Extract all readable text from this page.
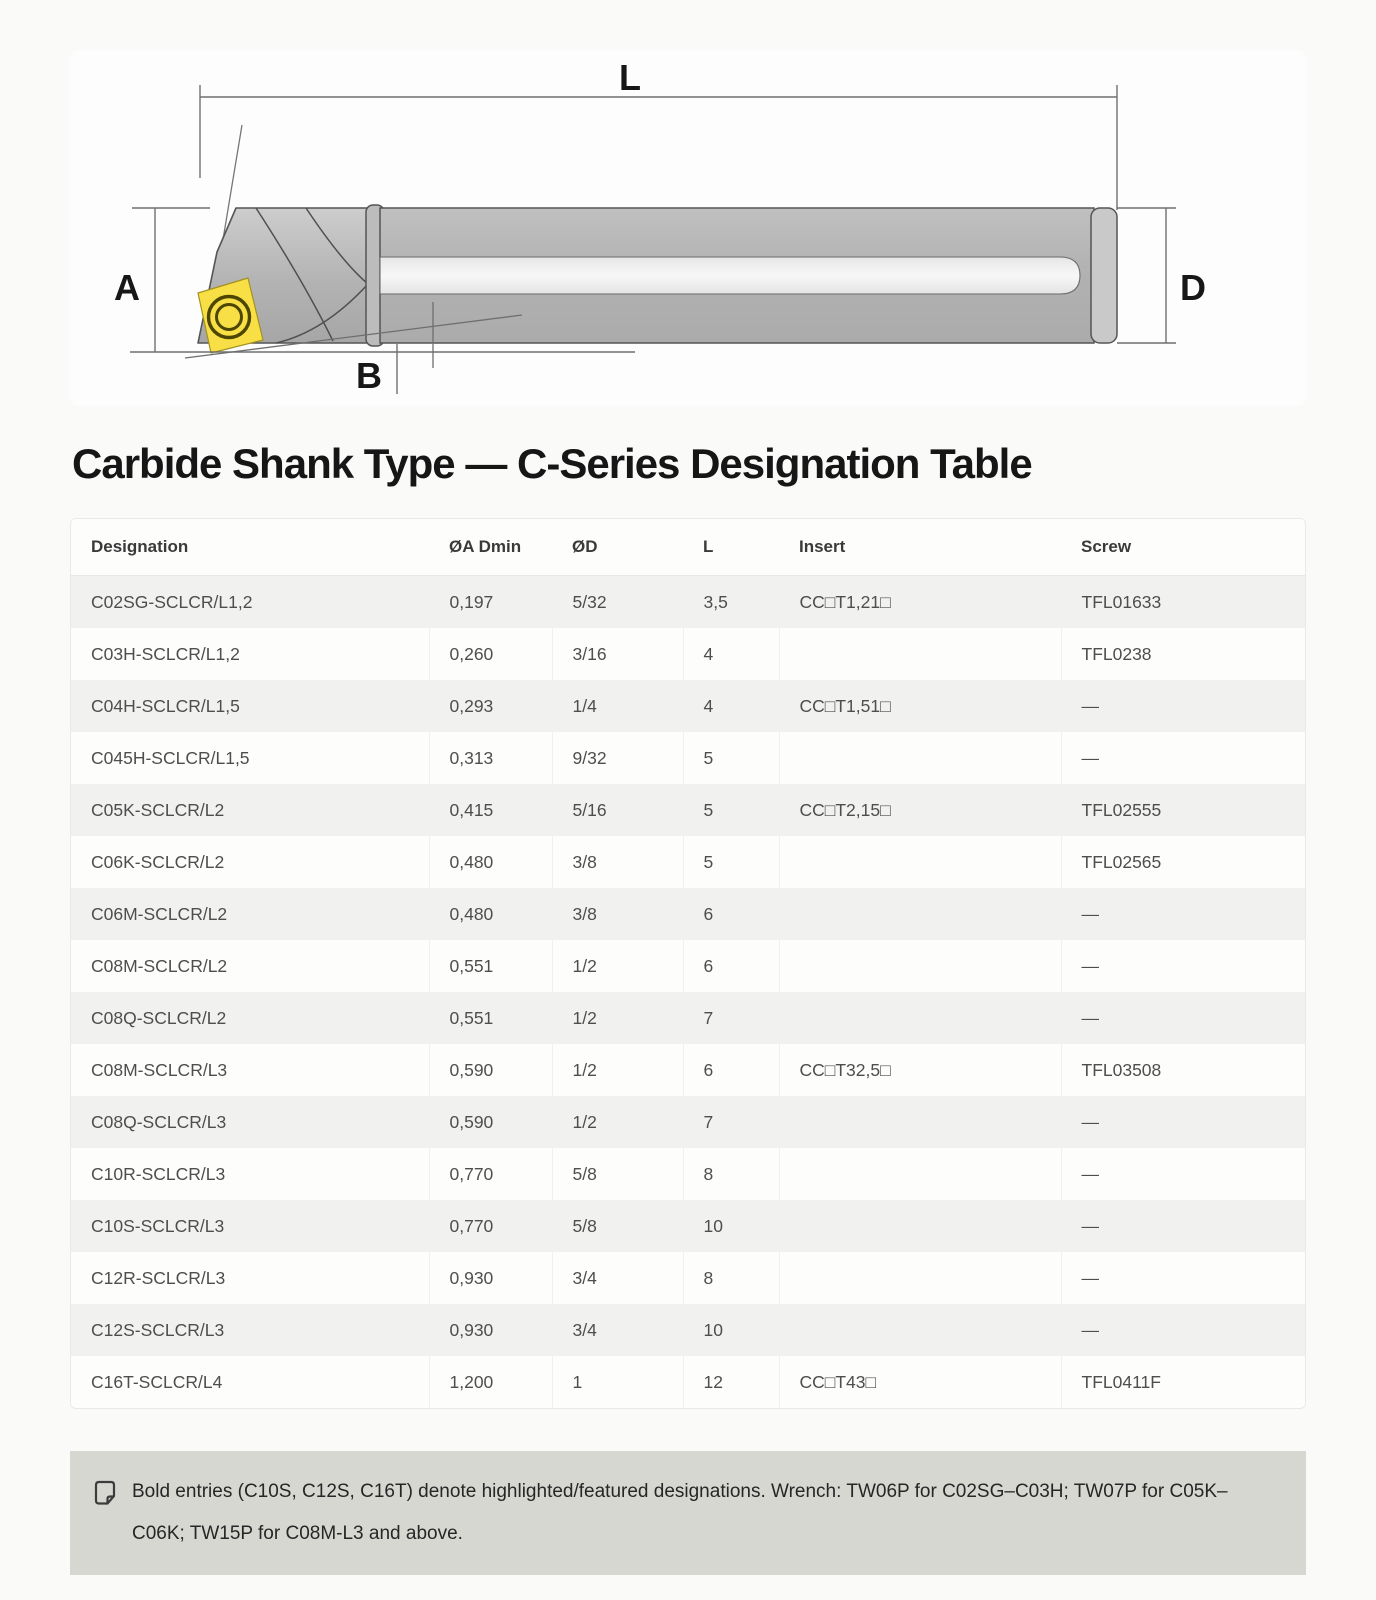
L
A
B
D
Carbide Shank Type — C-Series Designation Table
Designation	ØA Dmin	ØD	L	Insert	Screw
C02SG-SCLCR/L1,2	0,197	5/32	3,5	CC□T1,21□	TFL01633
C03H-SCLCR/L1,2	0,260	3/16	4		TFL0238
C04H-SCLCR/L1,5	0,293	1/4	4	CC□T1,51□	—
C045H-SCLCR/L1,5	0,313	9/32	5		—
C05K-SCLCR/L2	0,415	5/16	5	CC□T2,15□	TFL02555
C06K-SCLCR/L2	0,480	3/8	5		TFL02565
C06M-SCLCR/L2	0,480	3/8	6		—
C08M-SCLCR/L2	0,551	1/2	6		—
C08Q-SCLCR/L2	0,551	1/2	7		—
C08M-SCLCR/L3	0,590	1/2	6	CC□T32,5□	TFL03508
C08Q-SCLCR/L3	0,590	1/2	7		—
C10R-SCLCR/L3	0,770	5/8	8		—
C10S-SCLCR/L3	0,770	5/8	10		—
C12R-SCLCR/L3	0,930	3/4	8		—
C12S-SCLCR/L3	0,930	3/4	10		—
C16T-SCLCR/L4	1,200	1	12	CC□T43□	TFL0411F

Bold entries (C10S, C12S, C16T) denote highlighted/featured designations. Wrench: TW06P for C02SG–C03H; TW07P for C05K–C06K; TW15P for C08M-L3 and above.
